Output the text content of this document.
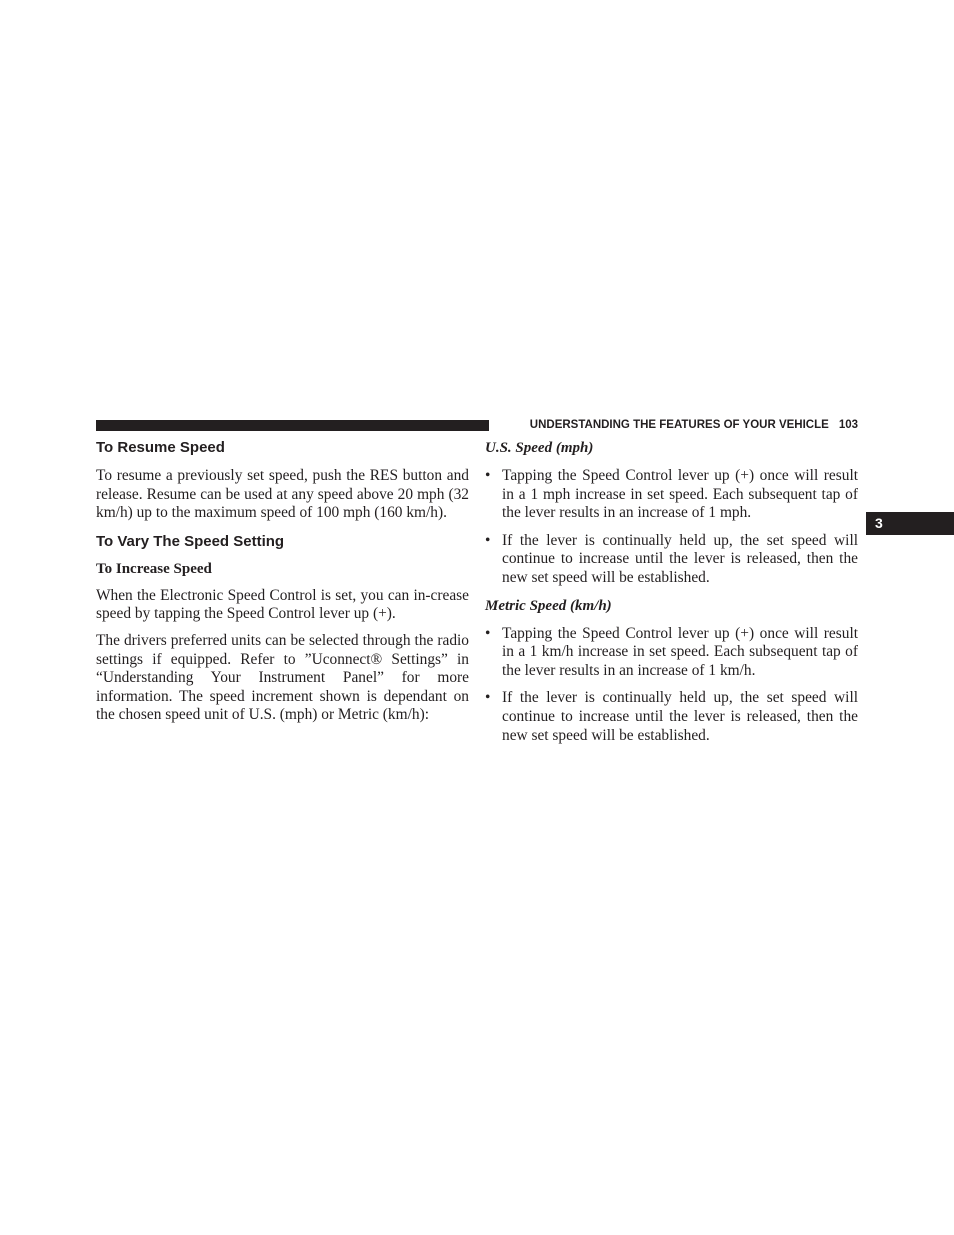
UNDERSTANDING THE FEATURES OF YOUR VEHICLE 103
3
To Resume Speed

To resume a previously set speed, push the RES button and release. Resume can be used at any speed above 20 mph (32 km/h) up to the maximum speed of 100 mph (160 km/h).

To Vary The Speed Setting
To Increase Speed

When the Electronic Speed Control is set, you can in-crease speed by tapping the Speed Control lever up (+).

The drivers preferred units can be selected through the radio settings if equipped. Refer to ”Uconnect® Settings” in “Understanding Your Instrument Panel” for more information. The speed increment shown is dependant on the chosen speed unit of U.S. (mph) or Metric (km/h):

U.S. Speed (mph)
• Tapping the Speed Control lever up (+) once will result in a 1 mph increase in set speed. Each subsequent tap of the lever results in an increase of 1 mph.
• If the lever is continually held up, the set speed will continue to increase until the lever is released, then the new set speed will be established.
Metric Speed (km/h)
• Tapping the Speed Control lever up (+) once will result in a 1 km/h increase in set speed. Each subsequent tap of the lever results in an increase of 1 km/h.
• If the lever is continually held up, the set speed will continue to increase until the lever is released, then the new set speed will be established.
